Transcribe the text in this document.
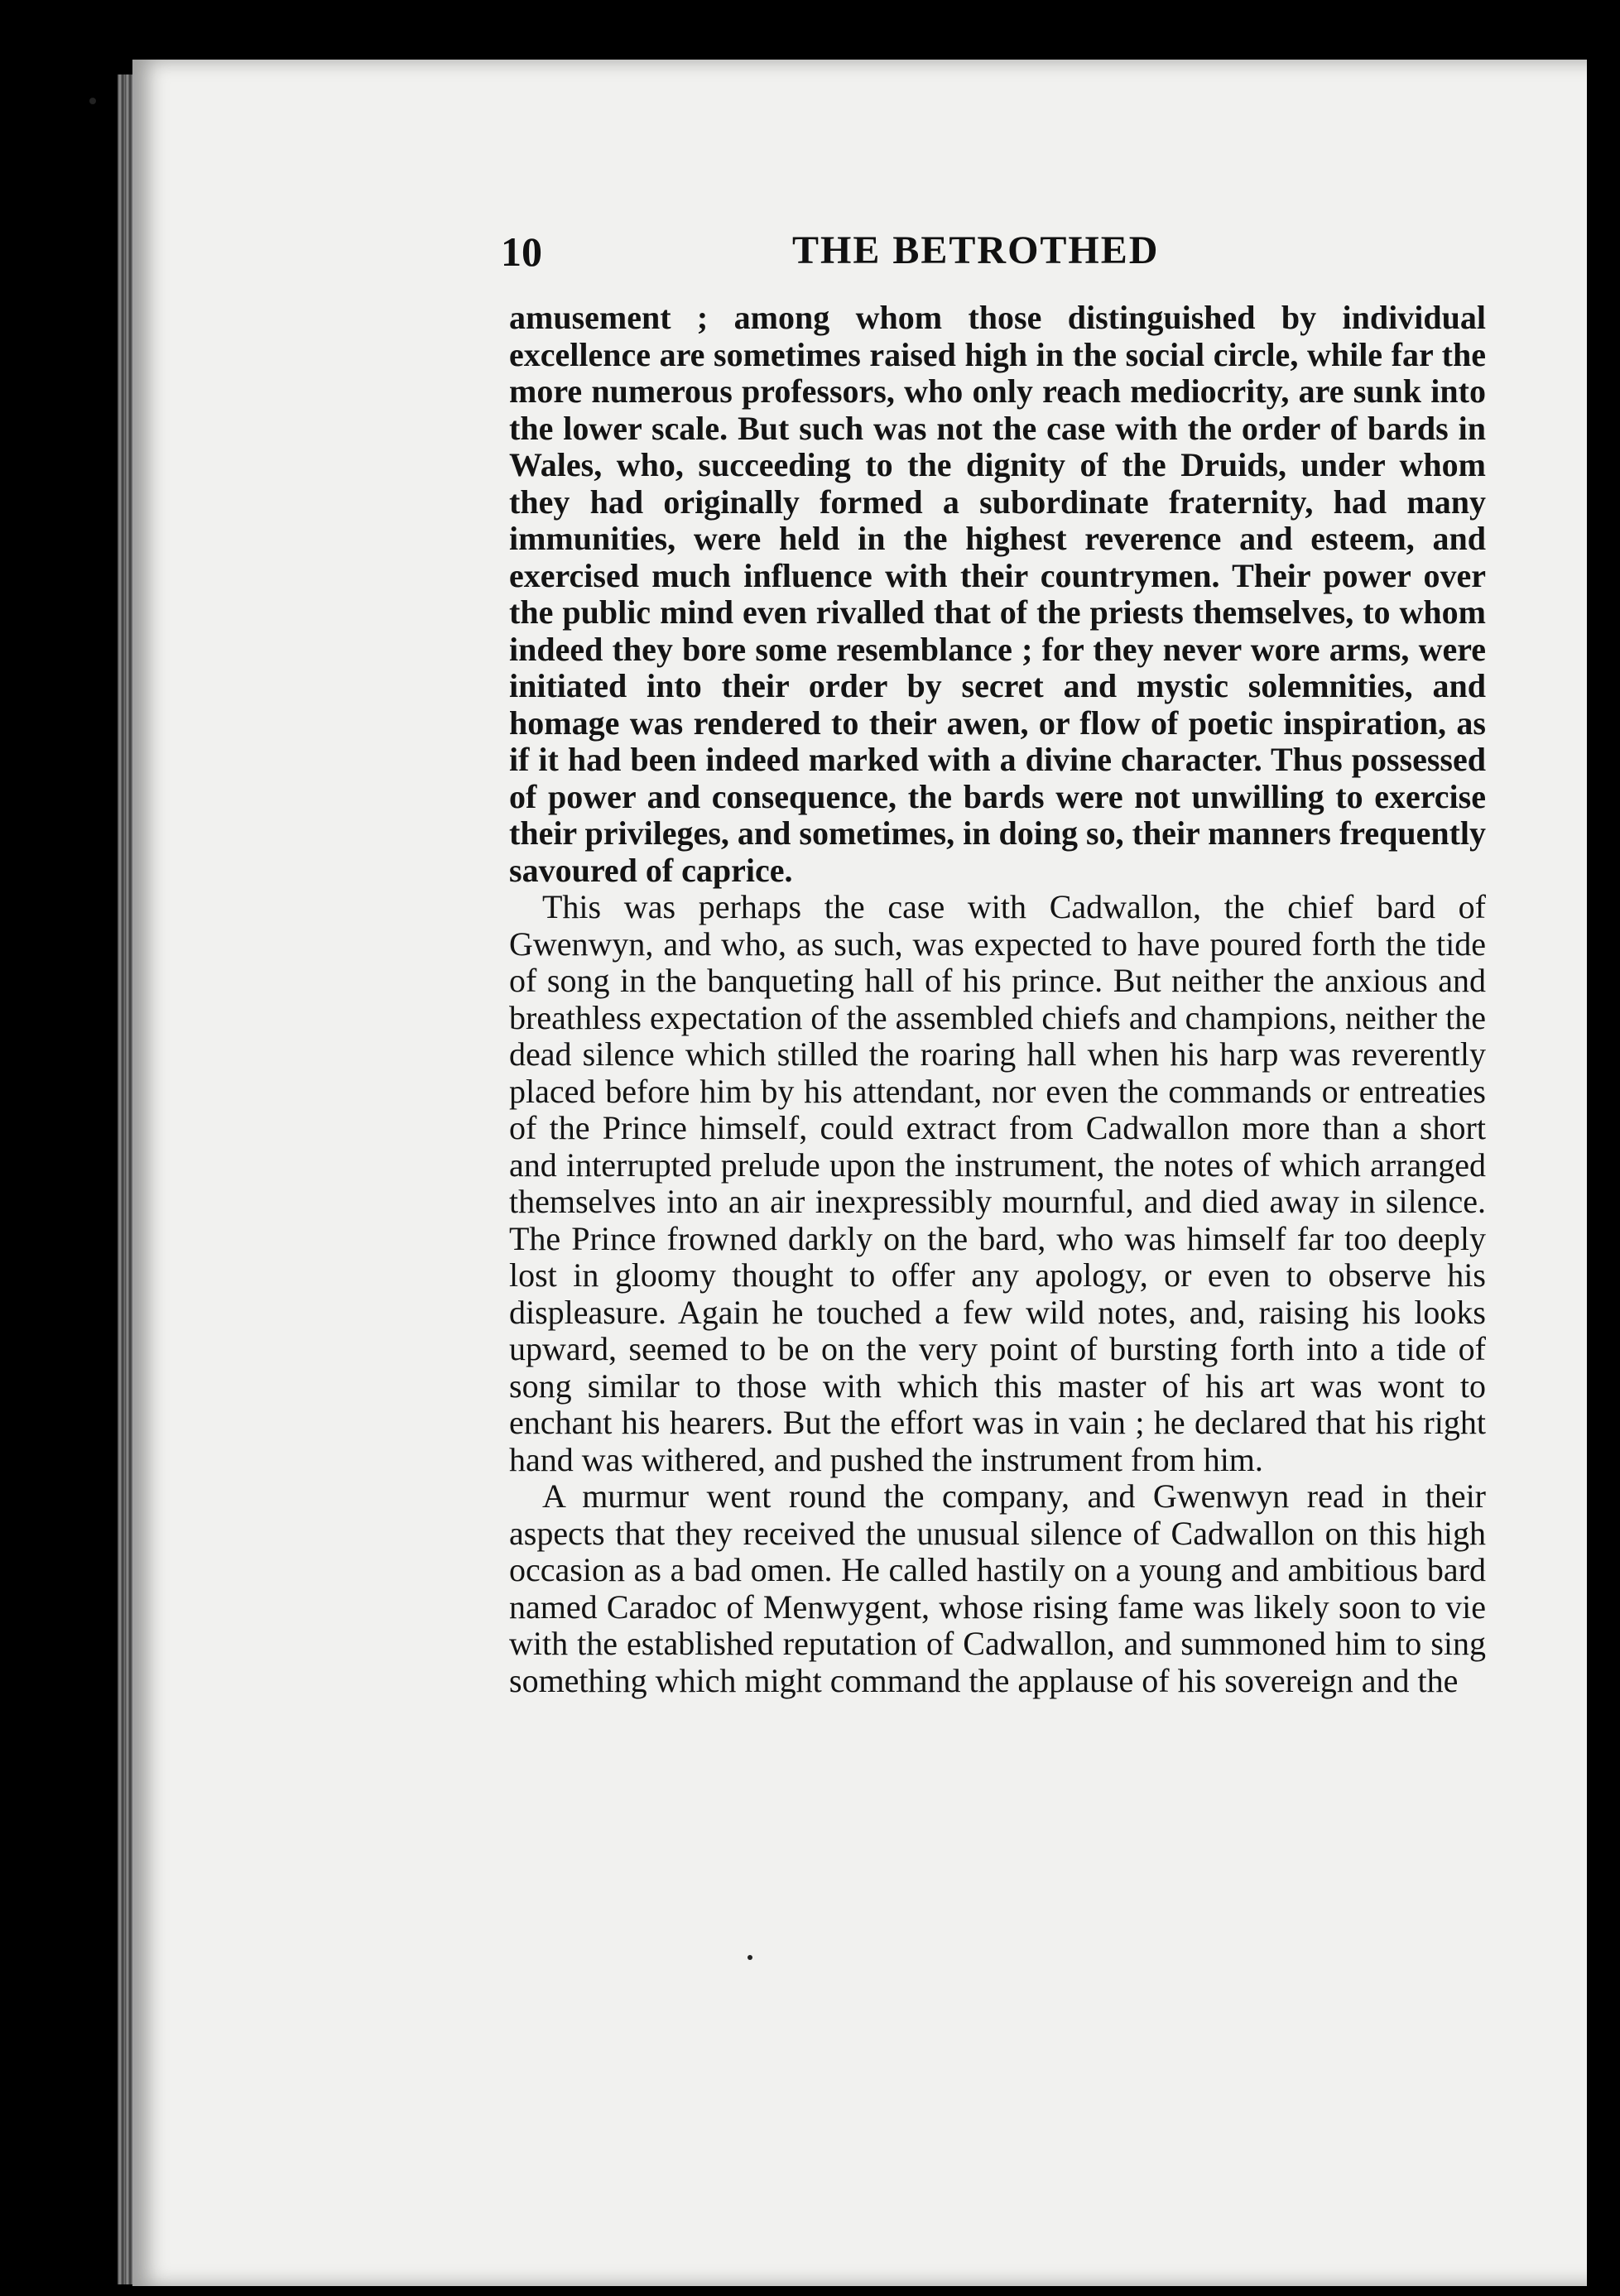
10	THE BETROTHED

amusement ; among whom those distinguished by individual excellence are sometimes raised high in the social circle, while far the more numerous professors, who only reach mediocrity, are sunk into the lower scale. But such was not the case with the order of bards in Wales, who, succeeding to the dignity of the Druids, under whom they had originally formed a subordinate fraternity, had many immunities, were held in the highest reverence and esteem, and exercised much influence with their countrymen. Their power over the public mind even rivalled that of the priests themselves, to whom indeed they bore some resemblance ; for they never wore arms, were initiated into their order by secret and mystic solemnities, and homage was rendered to their awen, or flow of poetic inspiration, as if it had been indeed marked with a divine character. Thus possessed of power and consequence, the bards were not unwilling to exercise their privileges, and sometimes, in doing so, their manners frequently savoured of caprice.

This was perhaps the case with Cadwallon, the chief bard of Gwenwyn, and who, as such, was expected to have poured forth the tide of song in the banqueting hall of his prince. But neither the anxious and breathless expectation of the assembled chiefs and champions, neither the dead silence which stilled the roaring hall when his harp was reverently placed before him by his attendant, nor even the commands or entreaties of the Prince himself, could extract from Cadwallon more than a short and interrupted prelude upon the instrument, the notes of which arranged themselves into an air inexpressibly mournful, and died away in silence. The Prince frowned darkly on the bard, who was himself far too deeply lost in gloomy thought to offer any apology, or even to observe his displeasure. Again he touched a few wild notes, and, raising his looks upward, seemed to be on the very point of bursting forth into a tide of song similar to those with which this master of his art was wont to enchant his hearers. But the effort was in vain ; he declared that his right hand was withered, and pushed the instrument from him.

A murmur went round the company, and Gwenwyn read in their aspects that they received the unusual silence of Cadwallon on this high occasion as a bad omen. He called hastily on a young and ambitious bard named Caradoc of Menwygent, whose rising fame was likely soon to vie with the established reputation of Cadwallon, and summoned him to sing something which might command the applause of his sovereign and the
